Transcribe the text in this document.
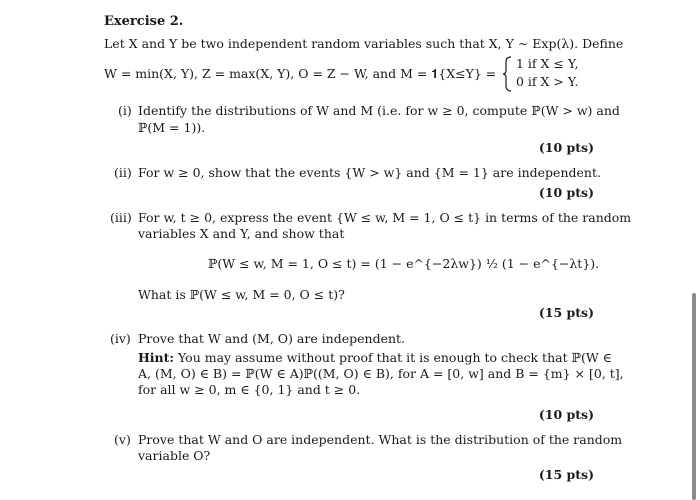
Exercise 2.
Let X and Y be two independent random variables such that X, Y ∼ Exp(λ). Define
W = min(X, Y), Z = max(X, Y), O = Z − W, and M = 𝟏{X≤Y} =
1 if X ≤ Y,
0 if X > Y.
(i) Identify the distributions of W and M (i.e. for w ≥ 0, compute ℙ(W > w) and
ℙ(M = 1)).
(10 pts)
(ii) For w ≥ 0, show that the events {W > w} and {M = 1} are independent.
(10 pts)
(iii) For w, t ≥ 0, express the event {W ≤ w, M = 1, O ≤ t} in terms of the random
variables X and Y, and show that
ℙ(W ≤ w, M = 1, O ≤ t) = (1 − e^{−2λw}) ½ (1 − e^{−λt}).
What is ℙ(W ≤ w, M = 0, O ≤ t)?
(15 pts)
(iv) Prove that W and (M, O) are independent.
Hint: You may assume without proof that it is enough to check that ℙ(W ∈
A, (M, O) ∈ B) = ℙ(W ∈ A)ℙ((M, O) ∈ B), for A = [0, w] and B = {m} × [0, t],
for all w ≥ 0, m ∈ {0, 1} and t ≥ 0.
(10 pts)
(v) Prove that W and O are independent. What is the distribution of the random
variable O?
(15 pts)
